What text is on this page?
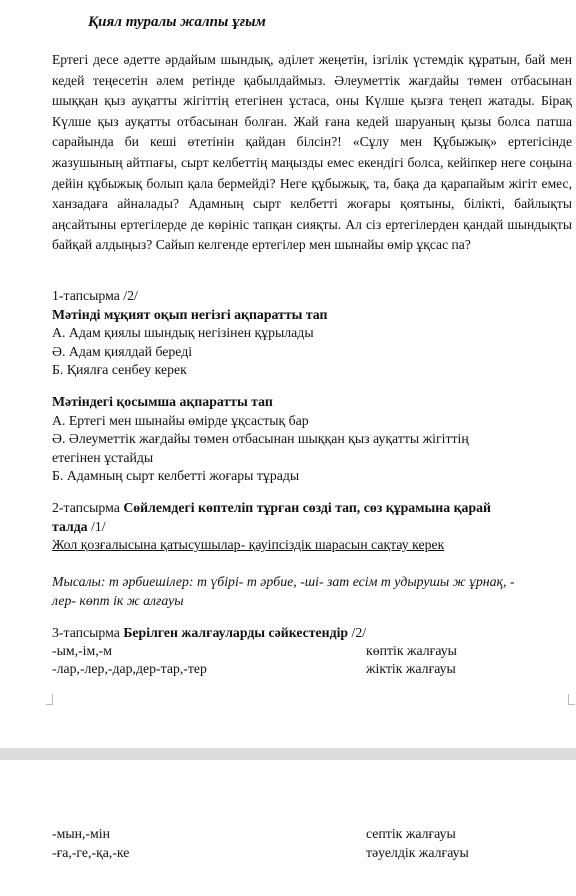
Қиял туралы жалпы ұғым
Ертегі десе әдетте әрдайым шындық, әділет жеңетін, ізгілік үстемдік құратын, бай мен кедей теңесетін әлем ретінде қабылдаймыз. Әлеуметтік жағдайы төмен отбасынан шыққан қыз ауқатты жігіттің етегінен ұстаса, оны Күлше қызға теңеп жатады. Бірақ Күлше қыз ауқатты отбасынан болған. Жай ғана кедей шаруаның қызы болса патша сарайында би кеші өтетінін қайдан білсін?! «Сұлу мен Құбыжық» ертегісінде жазушының айтпағы, сырт келбеттің маңызды емес екендігі болса, кейіпкер неге соңына дейін құбыжық болып қала бермейді? Неге құбыжық, та, бақа да қарапайым жігіт емес, ханзадаға айналады? Адамның сырт келбетті жоғары қоятыны, біліктi, байлықты аңсайтыны ертегілерде де көрініс тапқан сияқты. Ал сіз ертегілерден қандай шындықты байқай алдыңыз? Сайып келгенде ертегілер мен шынайы өмір ұқсас па?
1-тапсырма /2/
Мәтінді мұқият оқып негізгі ақпаратты тап
А. Адам қиялы шындық негізінен құрылады
Ә. Адам қиялдай береді
Б. Қиялға сенбеу керек
Мәтіндегі қосымша ақпаратты тап
А. Ертегі мен шынайы өмірде ұқсастық бар
Ә. Әлеуметтік жағдайы төмен отбасынан шыққан қыз ауқатты жігіттің
етегінен ұстайды
Б. Адамның сырт келбетті жоғары тұрады
2-тапсырма Сөйлемдегі көптеліп тұрған сөзді тап, сөз құрамына қарай
талда /1/
Жол қозғалысына қатысушылар- қауіпсіздік шарасын сақтау керек
Мысалы: т әрбиешілер: т үбірі- т әрбие, -ші- зат есім т удырушы ж ұрнақ, -
лер- көпт ік ж алғауы
3-тапсырма Берілген жалғауларды сәйкестендір /2/
-ым,-ім,-м	көптік жалғауы
-лар,-лер,-дар,дер-тар,-тер	жіктік жалғауы
-мын,-мін	септік жалғауы
-ға,-ге,-қа,-ке	тәуелдік жалғауы
